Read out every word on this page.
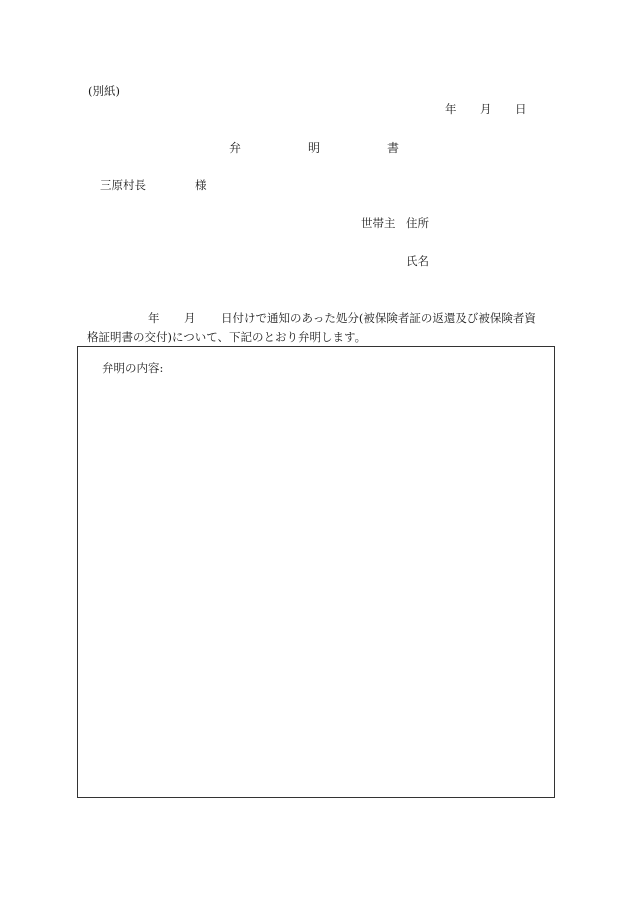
(別紙)
年 月 日
弁	明	書
三原村長	様
世帯主 住所
氏名
年 月 日付けで通知のあった処分(被保険者証の返還及び被保険者資
格証明書の交付)について、下記のとおり弁明します。
弁明の内容:
